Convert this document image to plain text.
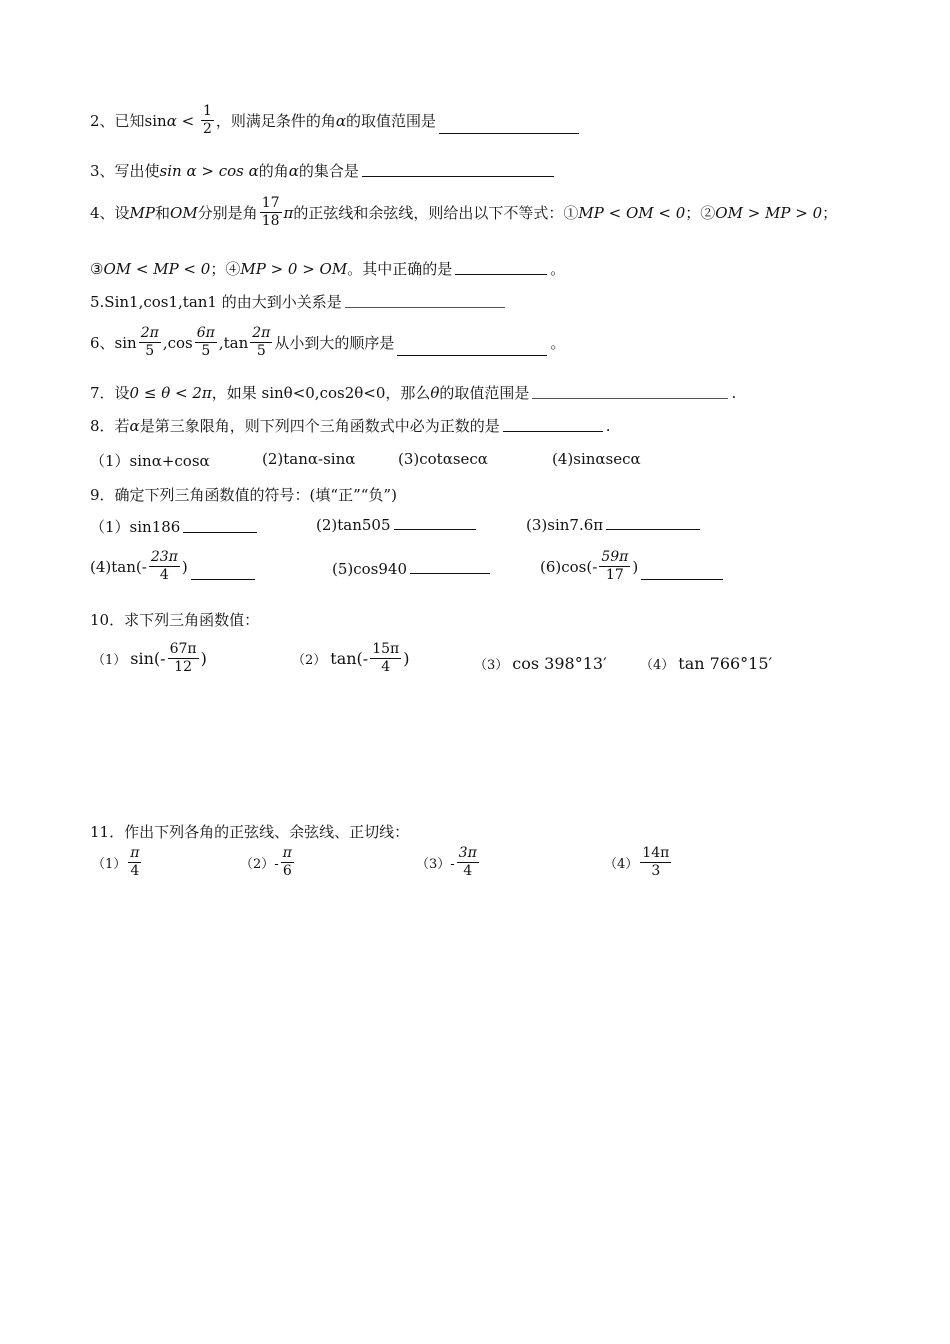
2、已知 $\sin \alpha < \frac{1}{2}$ ，则满足条件的角 α 的取值范围是
3、写出使 sin α > cos α 的角 α 的集合是
4、设 MP 和 OM 分别是角 $\frac{17}{18}$ π 的正弦线和余弦线，则给出以下不等式：① MP < OM < 0 ；② OM > MP > 0 ；
③ OM < MP < 0 ；④ MP > 0 > OM 。其中正确的是	。
5.Sin1,cos1,tan1 的由大到小关系是
6、$\sin \frac{2\pi}{5} ,\cos \frac{6\pi}{5} ,\tan \frac{2\pi}{5}$ 从小到大的顺序是	。
7．设 0 ≤ θ < 2π ，如果 sinθ<0,cos2θ<0，那么 θ 的取值范围是	.
8．若 α 是第三象限角，则下列四个三角函数式中必为正数的是	.
（1）sinα+cosα	(2)tanα-sinα	(3)cotαsecα	(4)sinαsecα
9．确定下列三角函数值的符号：(填“正”“负”)
（1）sin186	(2)tan505	(3)sin7.6π
$(4)\tan(- \frac{23\pi}{4}$ )	(5)cos940	$(6)\cos(- \frac{59\pi}{17}$ )
10．求下列三角函数值：
（1） $\sin(- \frac{67\pi}{12}$ )	（2） $\tan(- \frac{15\pi}{4}$ )	（3） cos 398°13′	（4） tan 766°15′
11．作出下列各角的正弦线、余弦线、正切线：
$(1) \frac{\pi}{4}$	$(2)- \frac{\pi}{6}$	$(3)- \frac{3\pi}{4}$	$(4) \frac{14\pi}{3}$
